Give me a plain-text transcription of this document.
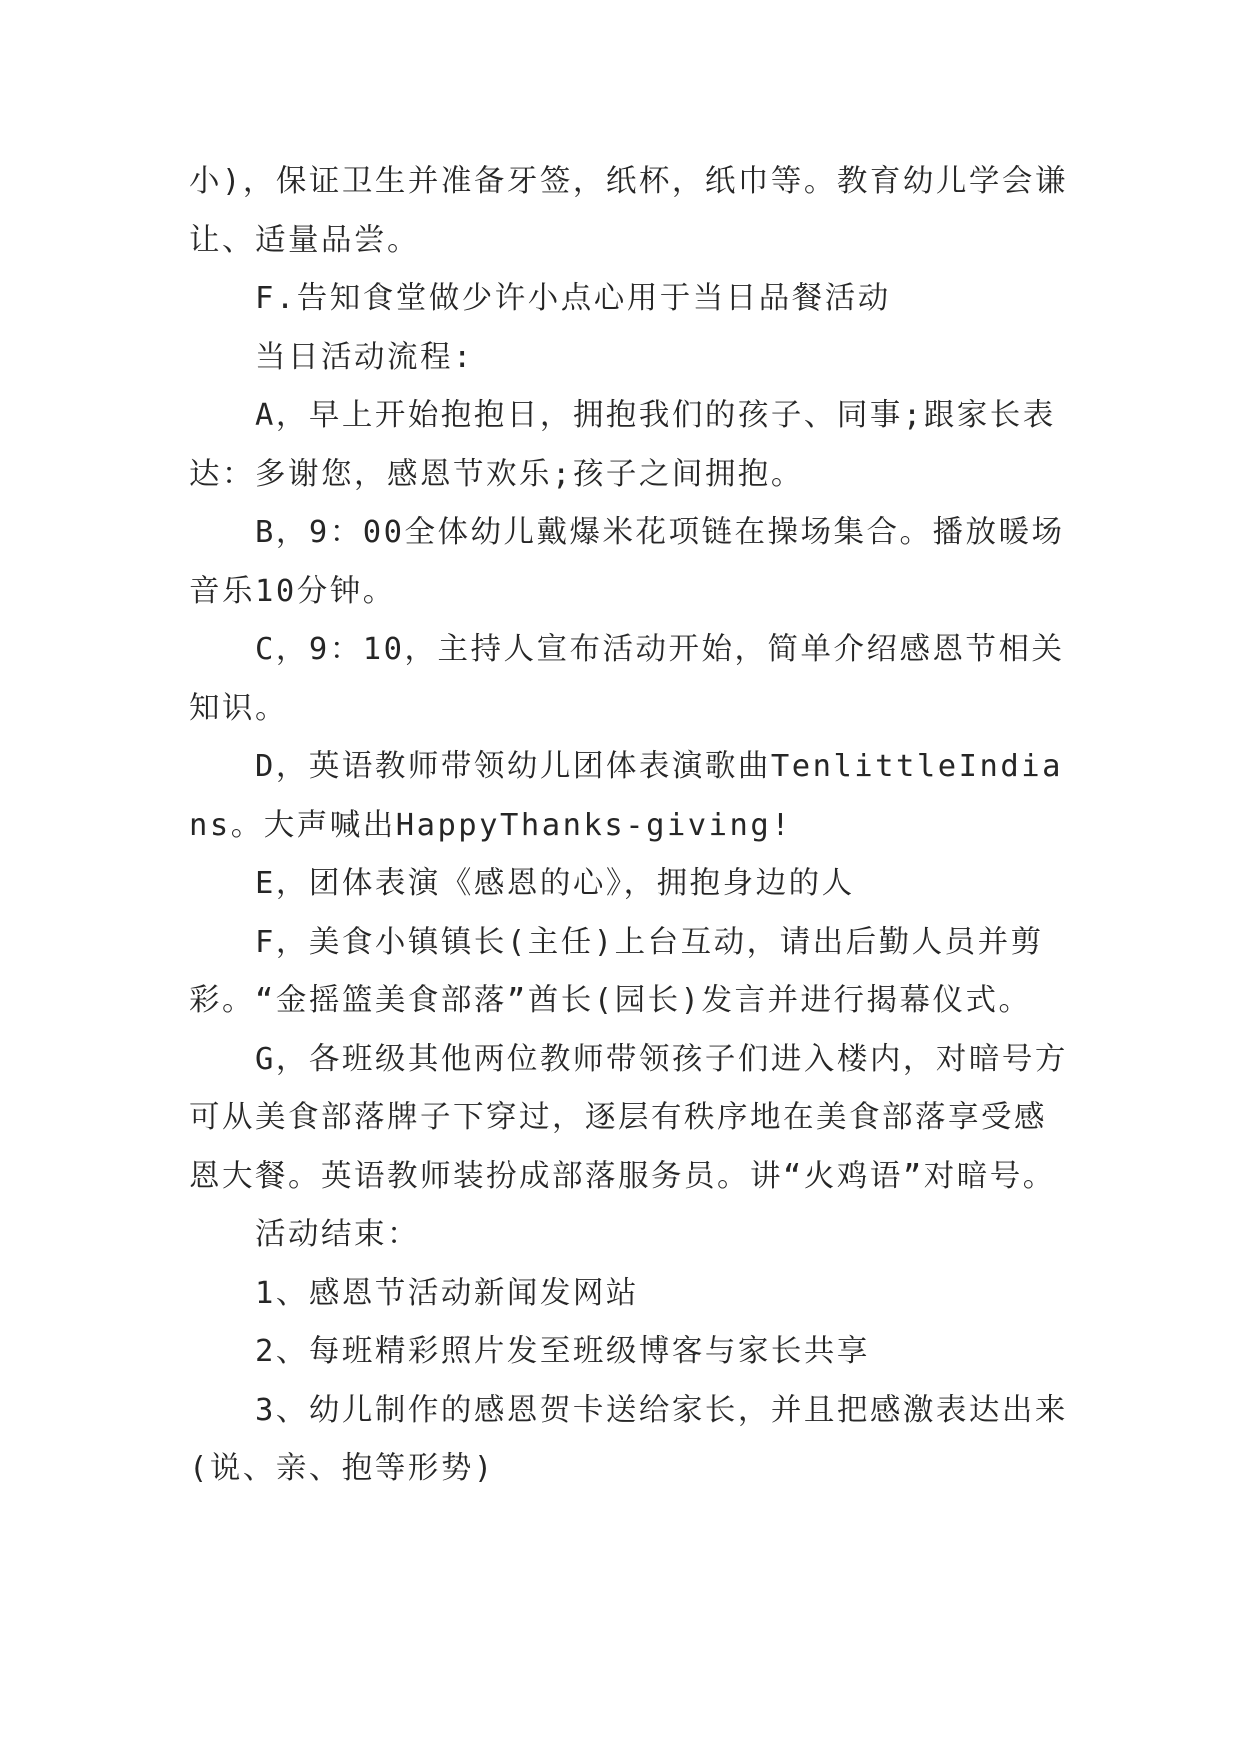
小)，保证卫生并准备牙签，纸杯，纸巾等。教育幼儿学会谦让、适量品尝。

F.告知食堂做少许小点心用于当日品餐活动

当日活动流程:

A，早上开始抱抱日，拥抱我们的孩子、同事;跟家长表达：多谢您，感恩节欢乐;孩子之间拥抱。

B，9：00全体幼儿戴爆米花项链在操场集合。播放暖场音乐10分钟。

C，9：10，主持人宣布活动开始，简单介绍感恩节相关知识。

D，英语教师带领幼儿团体表演歌曲TenlittleIndians。大声喊出HappyThanks-giving!

E，团体表演《感恩的心》，拥抱身边的人

F，美食小镇镇长(主任)上台互动，请出后勤人员并剪彩。“金摇篮美食部落”酋长(园长)发言并进行揭幕仪式。

G，各班级其他两位教师带领孩子们进入楼内，对暗号方可从美食部落牌子下穿过，逐层有秩序地在美食部落享受感恩大餐。英语教师装扮成部落服务员。讲“火鸡语”对暗号。

活动结束：

1、感恩节活动新闻发网站

2、每班精彩照片发至班级博客与家长共享

3、幼儿制作的感恩贺卡送给家长，并且把感激表达出来(说、亲、抱等形势)
